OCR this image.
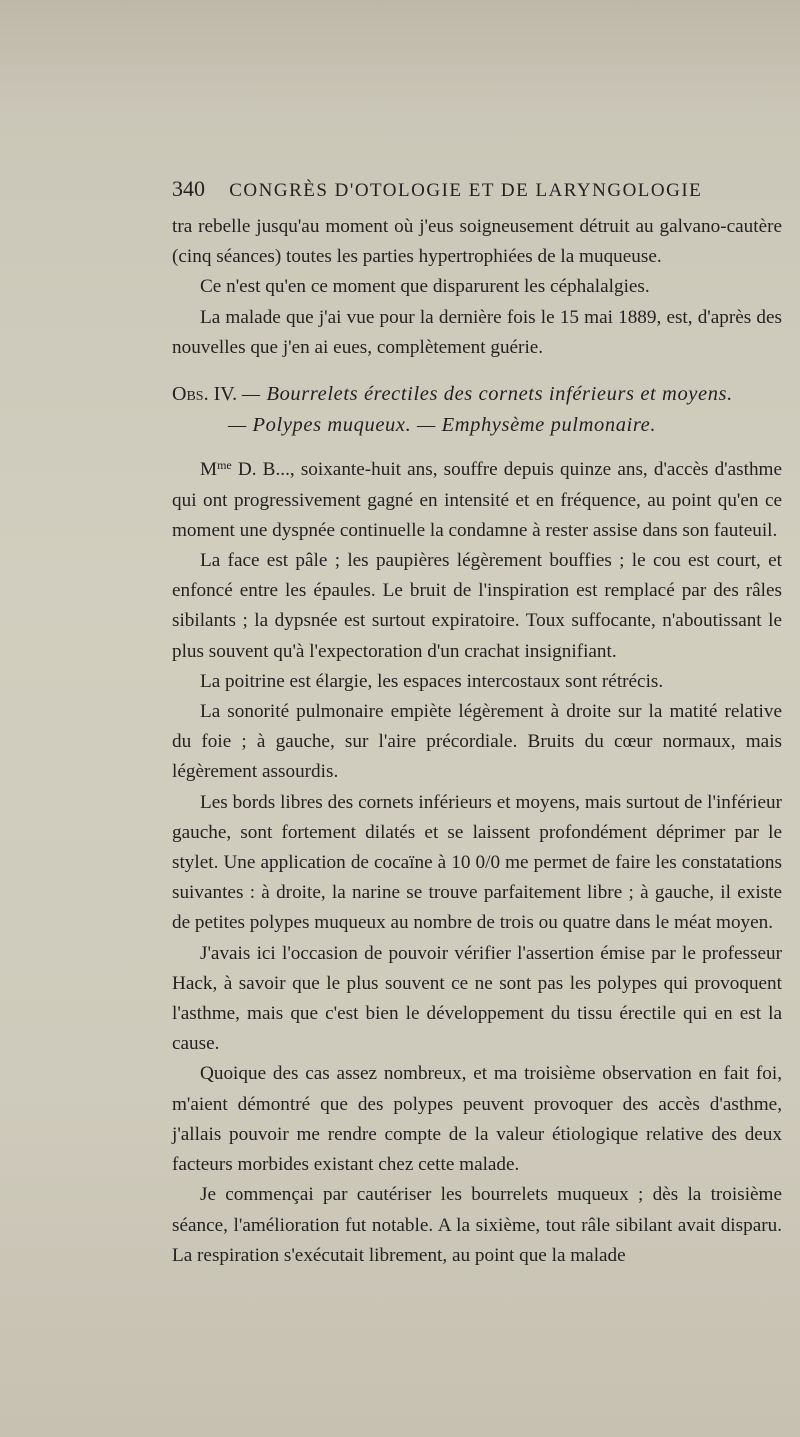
340 CONGRÈS D'OTOLOGIE ET DE LARYNGOLOGIE

tra rebelle jusqu'au moment où j'eus soigneusement détruit au galvano-cautère (cinq séances) toutes les parties hypertrophiées de la muqueuse.

Ce n'est qu'en ce moment que disparurent les céphalalgies.

La malade que j'ai vue pour la dernière fois le 15 mai 1889, est, d'après des nouvelles que j'en ai eues, complètement guérie.

Obs. IV. — Bourrelets érectiles des cornets inférieurs et moyens.

— Polypes muqueux. — Emphysème pulmonaire.

$M^{me}$ D. B..., soixante-huit ans, souffre depuis quinze ans, d'accès d'asthme qui ont progressivement gagné en intensité et en fréquence, au point qu'en ce moment une dyspnée continuelle la condamne à rester assise dans son fauteuil.

La face est pâle ; les paupières légèrement bouffies ; le cou est court, et enfoncé entre les épaules. Le bruit de l'inspiration est remplacé par des râles sibilants ; la dypsnée est surtout expiratoire. Toux suffocante, n'aboutissant le plus souvent qu'à l'expectoration d'un crachat insignifiant.

La poitrine est élargie, les espaces intercostaux sont rétrécis.

La sonorité pulmonaire empiète légèrement à droite sur la matité relative du foie ; à gauche, sur l'aire précordiale. Bruits du cœur normaux, mais légèrement assourdis.

Les bords libres des cornets inférieurs et moyens, mais surtout de l'inférieur gauche, sont fortement dilatés et se laissent profondément déprimer par le stylet. Une application de cocaïne à 10 0/0 me permet de faire les constatations suivantes : à droite, la narine se trouve parfaitement libre ; à gauche, il existe de petites polypes muqueux au nombre de trois ou quatre dans le méat moyen.

J'avais ici l'occasion de pouvoir vérifier l'assertion émise par le professeur Hack, à savoir que le plus souvent ce ne sont pas les polypes qui provoquent l'asthme, mais que c'est bien le développement du tissu érectile qui en est la cause.

Quoique des cas assez nombreux, et ma troisième observation en fait foi, m'aient démontré que des polypes peuvent provoquer des accès d'asthme, j'allais pouvoir me rendre compte de la valeur étiologique relative des deux facteurs morbides existant chez cette malade.

Je commençai par cautériser les bourrelets muqueux ; dès la troisième séance, l'amélioration fut notable. A la sixième, tout râle sibilant avait disparu. La respiration s'exécutait librement, au point que la malade
